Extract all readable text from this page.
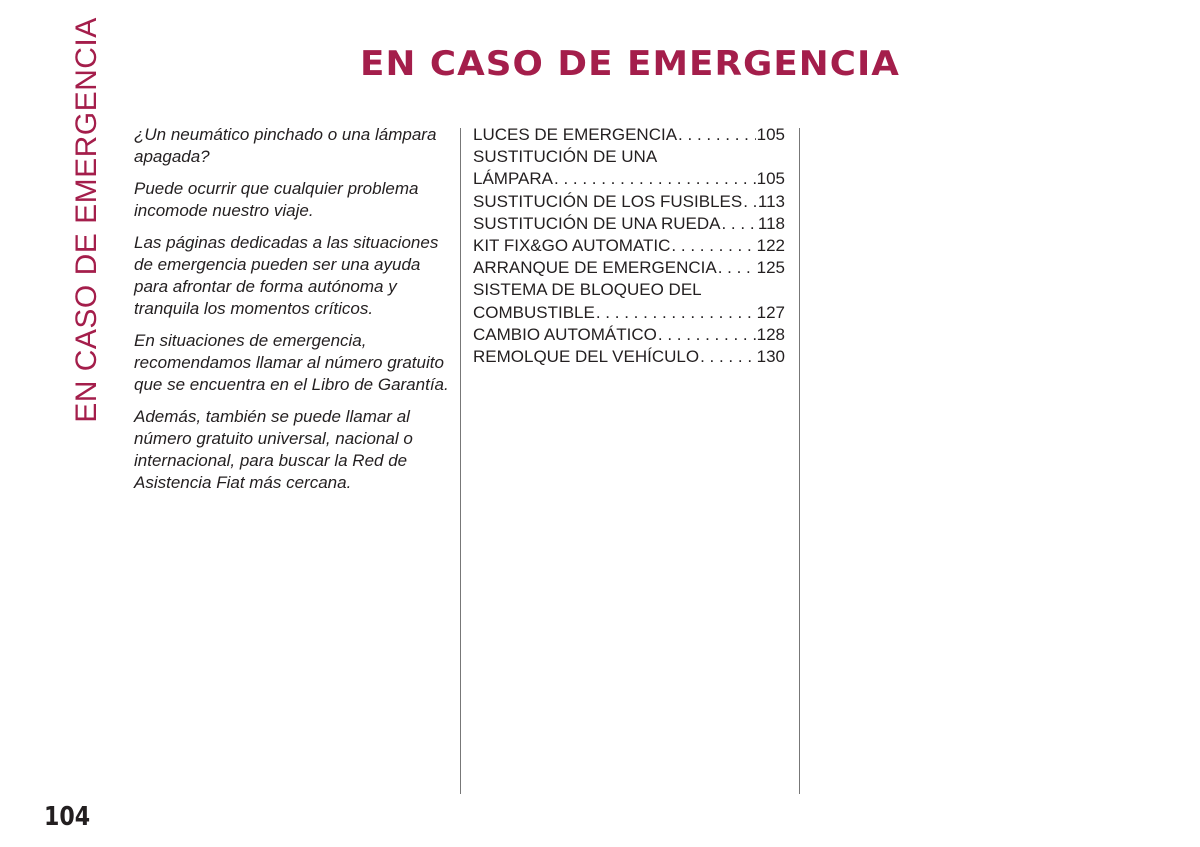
EN CASO DE EMERGENCIA	EN CASO DE EMERGENCIA

¿Un neumático pinchado o una lámpara apagada?

Puede ocurrir que cualquier problema incomode nuestro viaje.

Las páginas dedicadas a las situaciones de emergencia pueden ser una ayuda para afrontar de forma autónoma y tranquila los momentos críticos.

En situaciones de emergencia, recomendamos llamar al número gratuito que se encuentra en el Libro de Garantía.

Además, también se puede llamar al número gratuito universal, nacional o internacional, para buscar la Red de Asistencia Fiat más cercana.

LUCES DE EMERGENCIA . . .	105
SUSTITUCIÓN DE UNA
LÁMPARA . . .	105
SUSTITUCIÓN DE LOS FUSIBLES . . . 113
SUSTITUCIÓN DE UNA RUEDA . . . 118
KIT FIX&GO AUTOMATIC . . .	122
ARRANQUE DE EMERGENCIA . . . 125
SISTEMA DE BLOQUEO DEL
COMBUSTIBLE . . .	127
CAMBIO AUTOMÁTICO . . .	128
REMOLQUE DEL VEHÍCULO . . .	130
104
